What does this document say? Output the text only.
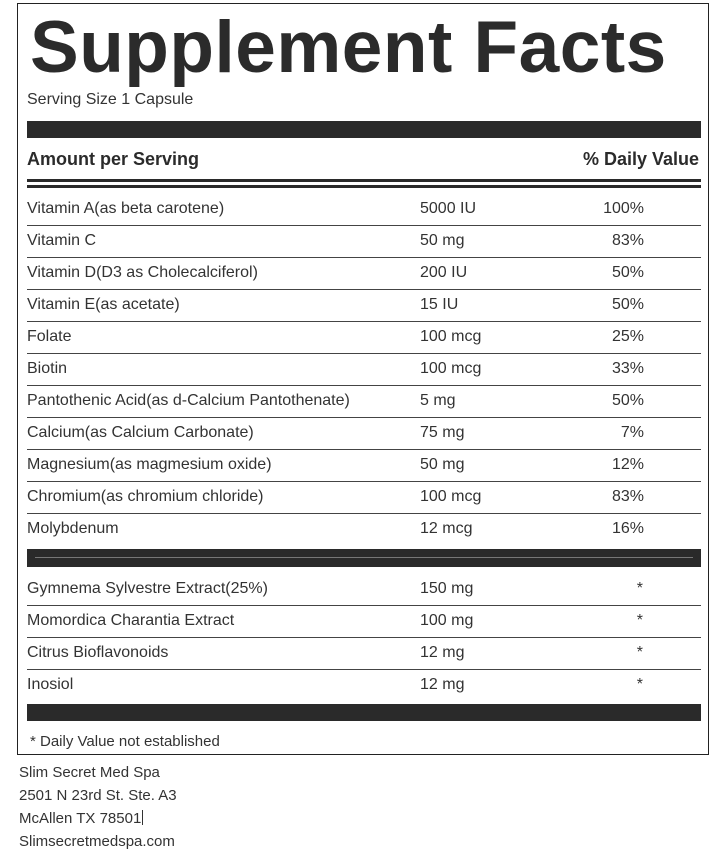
Supplement Facts
Serving Size 1 Capsule
Amount per Serving	% Daily Value
Vitamin A(as beta carotene)	5000 IU	100%
Vitamin C	50 mg	83%
Vitamin D(D3 as Cholecalciferol)	200 IU	50%
Vitamin E(as acetate)	15 IU	50%
Folate	100 mcg	25%
Biotin	100 mcg	33%
Pantothenic Acid(as d-Calcium Pantothenate)	5 mg	50%
Calcium(as Calcium Carbonate)	75 mg	7%
Magnesium(as magmesium oxide)	50 mg	12%
Chromium(as chromium chloride)	100 mcg	83%
Molybdenum	12 mcg	16%
Gymnema Sylvestre Extract(25%)	150 mg	*
Momordica Charantia Extract	100 mg	*
Citrus Bioflavonoids	12 mg	*
Inosiol	12 mg	*
* Daily Value not established
Slim Secret Med Spa
2501 N 23rd St. Ste. A3
McAllen TX 78501
Slimsecretmedspa.com
